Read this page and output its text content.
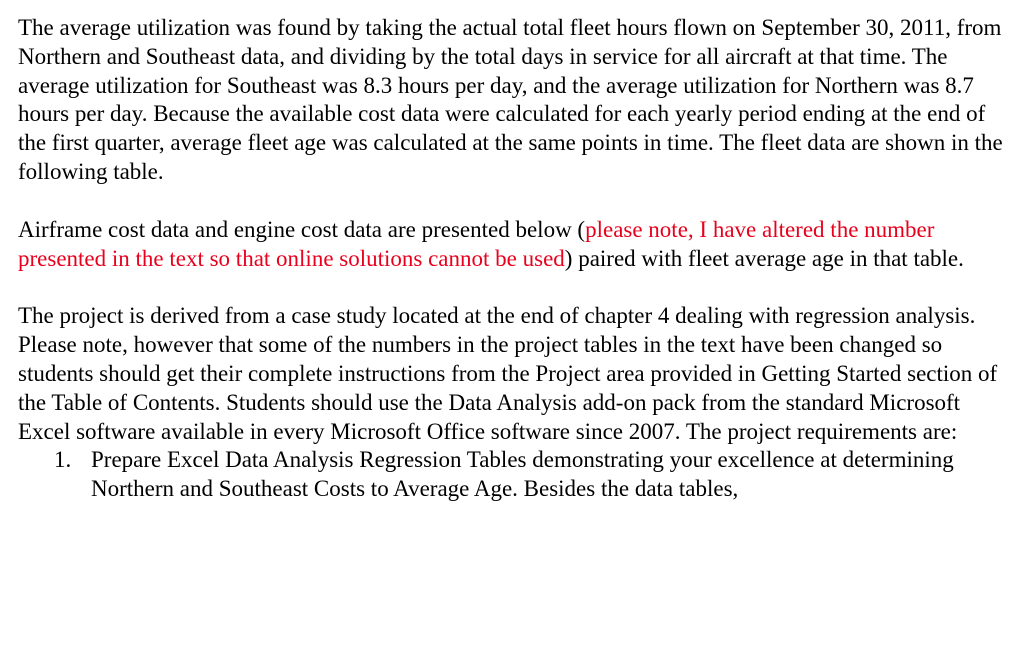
The average utilization was found by taking the actual total fleet hours flown on September 30, 2011, from Northern and Southeast data, and dividing by the total days in service for all aircraft at that time. The average utilization for Southeast was 8.3 hours per day, and the average utilization for Northern was 8.7 hours per day. Because the available cost data were calculated for each yearly period ending at the end of the first quarter, average fleet age was calculated at the same points in time. The fleet data are shown in the following table.

Airframe cost data and engine cost data are presented below (please note, I have altered the number presented in the text so that online solutions cannot be used) paired with fleet average age in that table.

The project is derived from a case study located at the end of chapter 4 dealing with regression analysis. Please note, however that some of the numbers in the project tables in the text have been changed so students should get their complete instructions from the Project area provided in Getting Started section of the Table of Contents. Students should use the Data Analysis add-on pack from the standard Microsoft Excel software available in every Microsoft Office software since 2007. The project requirements are:

1. Prepare Excel Data Analysis Regression Tables demonstrating your excellence at determining Northern and Southeast Costs to Average Age. Besides the data tables,
